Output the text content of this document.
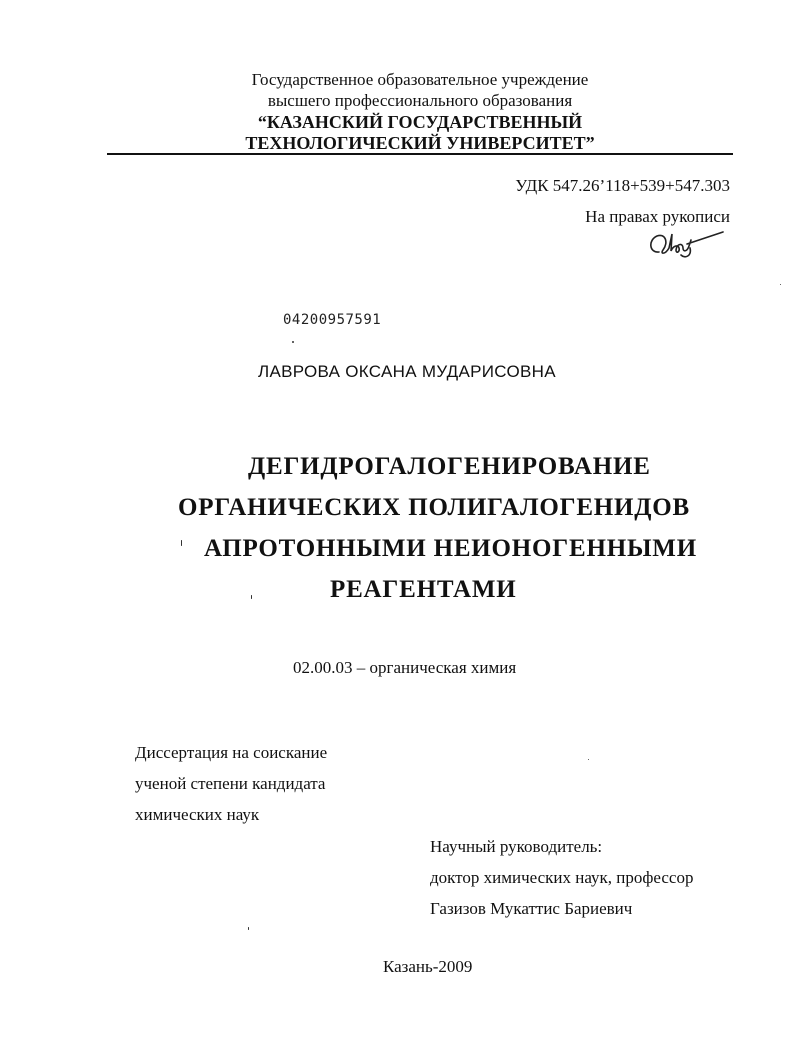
Государственное образовательное учреждение
высшего профессионального образования
“КАЗАНСКИЙ ГОСУДАРСТВЕННЫЙ
ТЕХНОЛОГИЧЕСКИЙ УНИВЕРСИТЕТ”
УДК 547.26’118+539+547.303
На правах рукописи
04200957591
ЛАВРОВА ОКСАНА МУДАРИСОВНА
ДЕГИДРОГАЛОГЕНИРОВАНИЕ
ОРГАНИЧЕСКИХ ПОЛИГАЛОГЕНИДОВ
АПРОТОННЫМИ НЕИОНОГЕННЫМИ
РЕАГЕНТАМИ
02.00.03 – органическая химия
Диссертация на соискание
ученой степени кандидата
химических наук
Научный руководитель:
доктор химических наук, профессор
Газизов Мукаттис Бариевич
Казань-2009
